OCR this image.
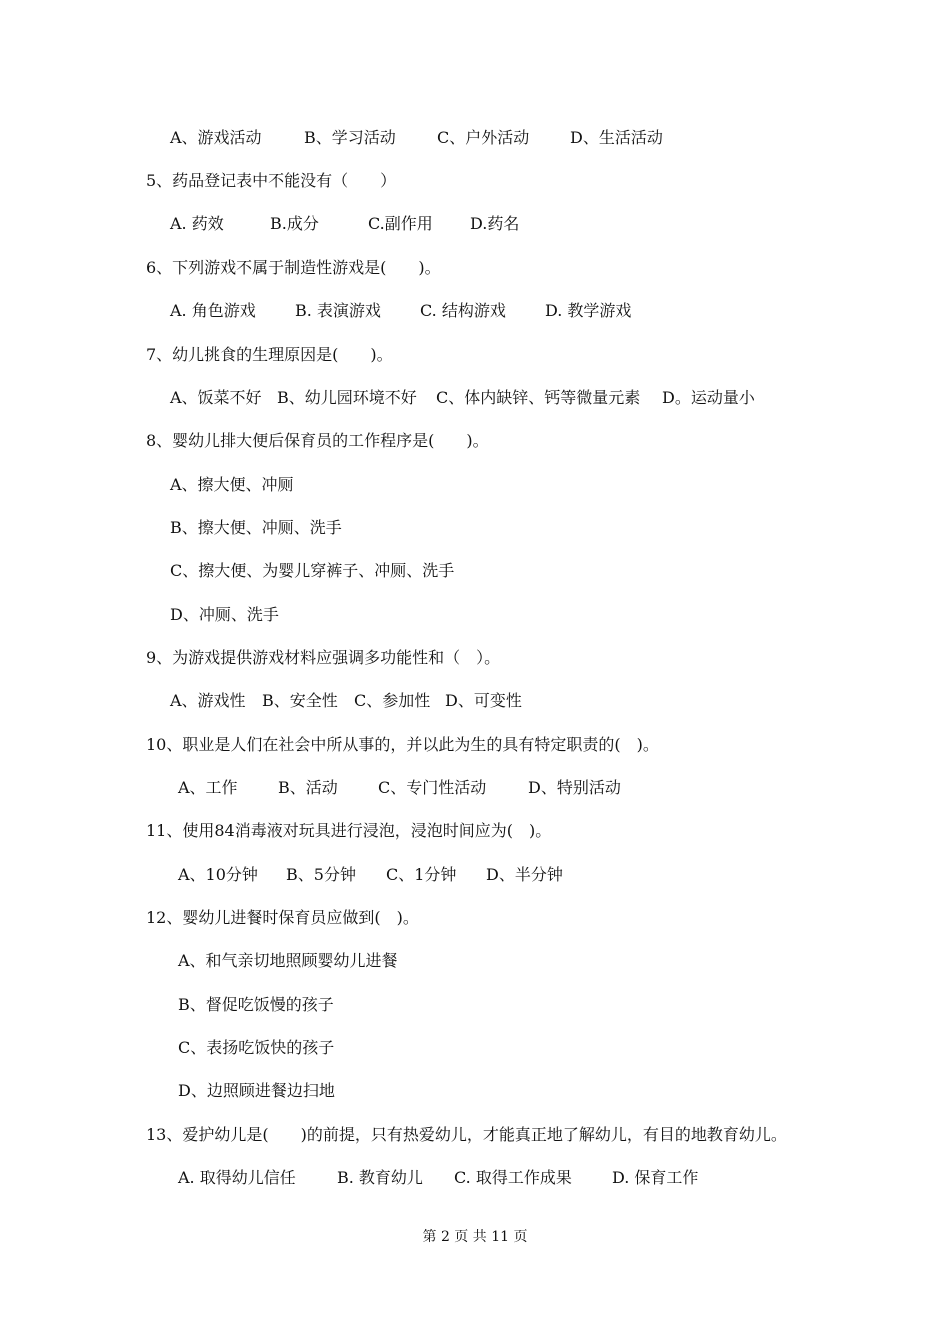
A、游戏活动

	B、学习活动

	C、户外活动

	D、生活活动

5、药品登记表中不能没有（　　）

A. 药效

	B.成分

	C.副作用

D.药名

6、下列游戏不属于制造性游戏是(　　)。

A. 角色游戏

B. 表演游戏

C. 结构游戏

D. 教学游戏

7、幼儿挑食的生理原因是(　　)。

A、饭菜不好

B、幼儿园环境不好

C、体内缺锌、钙等微量元素

D。运动量小

8、婴幼儿排大便后保育员的工作程序是(　　)。
A、擦大便、冲厕
B、擦大便、冲厕、洗手
C、擦大便、为婴儿穿裤子、冲厕、洗手
D、冲厕、洗手
9、为游戏提供游戏材料应强调多功能性和（　）。

A、游戏性

B、安全性

C、参加性

D、可变性

10、职业是人们在社会中所从事的，并以此为生的具有特定职责的(　)。

A、工作

	B、活动

	C、专门性活动

	D、特别活动

11、使用84消毒液对玩具进行浸泡，浸泡时间应为(　)。

A、10分钟

B、5分钟

C、1分钟

D、半分钟

12、婴幼儿进餐时保育员应做到(　)。
A、和气亲切地照顾婴幼儿进餐
B、督促吃饭慢的孩子
C、表扬吃饭快的孩子
D、边照顾进餐边扫地
13、爱护幼儿是(　　)的前提，只有热爱幼儿，才能真正地了解幼儿，有目的地教育幼儿。

A. 取得幼儿信任

	B. 教育幼儿

C. 取得工作成果

	D. 保育工作

第 2 页 共 11 页
